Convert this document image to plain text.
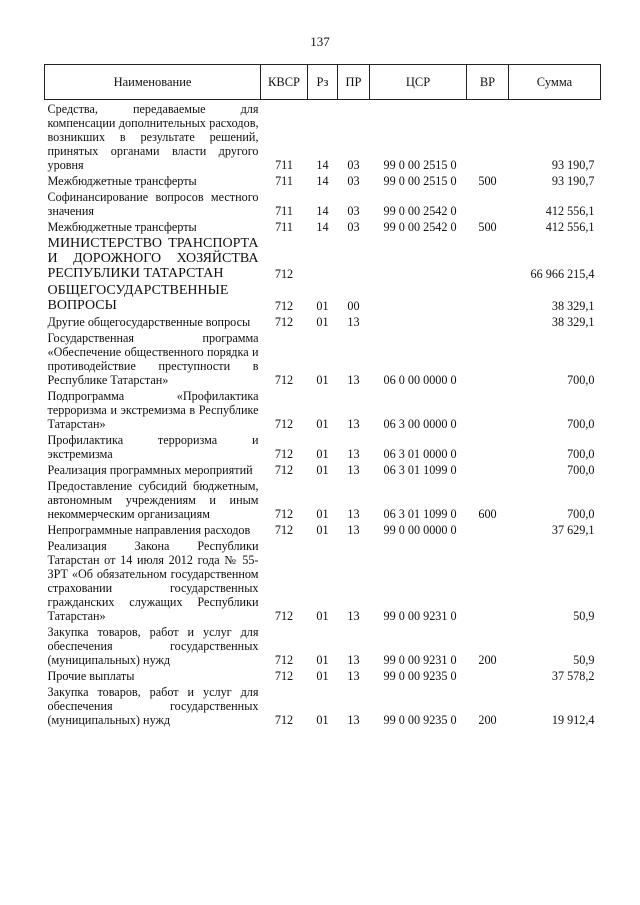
137
Наименование	КВСР	Рз	ПР	ЦСР	ВР	Сумма
Средства, передаваемые для компенсации дополнительных расходов, возникших в результате решений, принятых органами власти другого уровня	711	14	03	99 0 00 2515 0		93 190,7
Межбюджетные трансферты	711	14	03	99 0 00 2515 0	500	93 190,7
Софинансирование вопросов местного значения	711	14	03	99 0 00 2542 0		412 556,1
Межбюджетные трансферты	711	14	03	99 0 00 2542 0	500	412 556,1
МИНИСТЕРСТВО ТРАНСПОРТА И ДОРОЖНОГО ХОЗЯЙСТВА РЕСПУБЛИКИ ТАТАРСТАН	712					66 966 215,4
ОБЩЕГОСУДАРСТВЕННЫЕ ВОПРОСЫ	712	01	00			38 329,1
Другие общегосударственные вопросы	712	01	13			38 329,1
Государственная программа «Обеспечение общественного порядка и противодействие преступности в Республике Татарстан»	712	01	13	06 0 00 0000 0		700,0
Подпрограмма «Профилактика терроризма и экстремизма в Республике Татарстан»	712	01	13	06 3 00 0000 0		700,0
Профилактика терроризма и экстремизма	712	01	13	06 3 01 0000 0		700,0
Реализация программных мероприятий	712	01	13	06 3 01 1099 0		700,0
Предоставление субсидий бюджетным, автономным учреждениям и иным некоммерческим организациям	712	01	13	06 3 01 1099 0	600	700,0
Непрограммные направления расходов	712	01	13	99 0 00 0000 0		37 629,1
Реализация Закона Республики Татарстан от 14 июля 2012 года № 55-ЗРТ «Об обязательном государственном страховании государственных гражданских служащих Республики Татарстан»	712	01	13	99 0 00 9231 0		50,9
Закупка товаров, работ и услуг для обеспечения государственных (муниципальных) нужд	712	01	13	99 0 00 9231 0	200	50,9
Прочие выплаты	712	01	13	99 0 00 9235 0		37 578,2
Закупка товаров, работ и услуг для обеспечения государственных (муниципальных) нужд	712	01	13	99 0 00 9235 0	200	19 912,4
